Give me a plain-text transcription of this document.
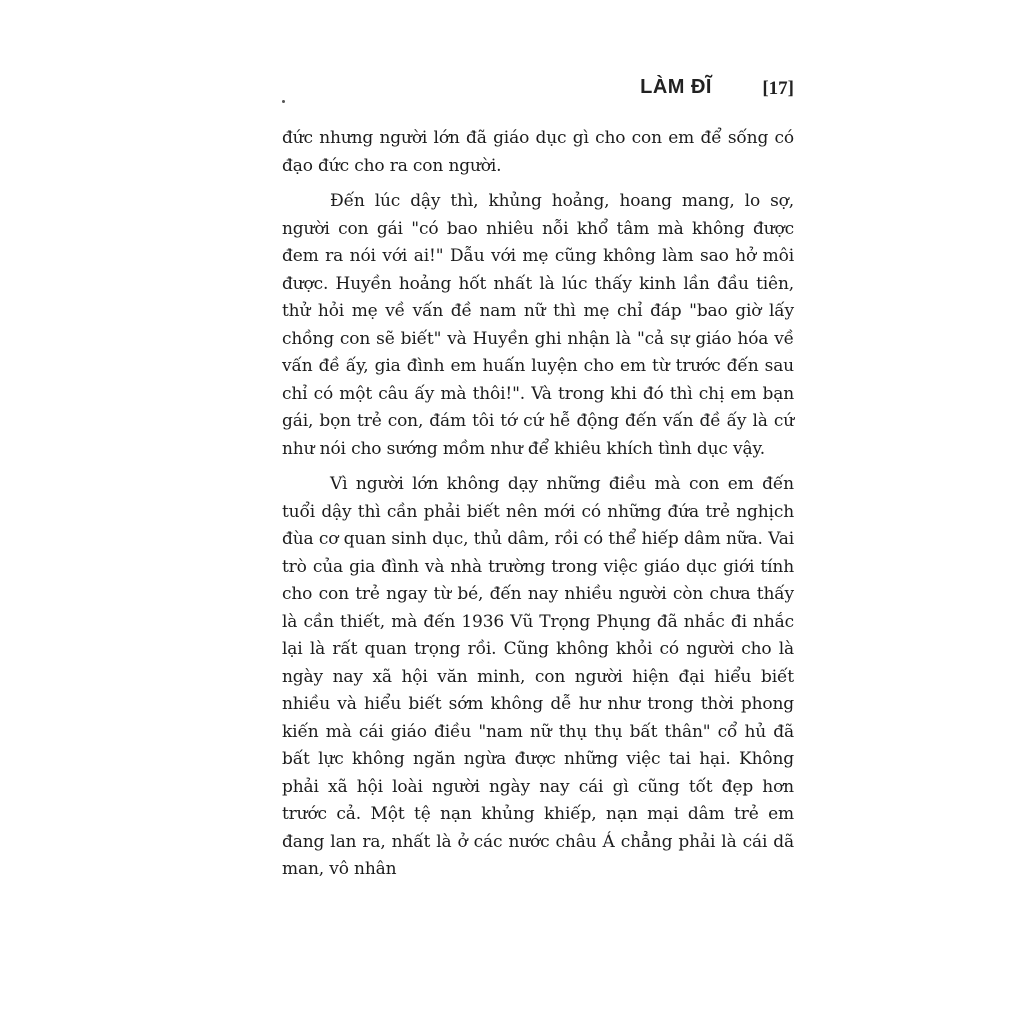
LÀM ĐĨ	[17]

đức nhưng người lớn đã giáo dục gì cho con em để sống có đạo đức cho ra con người.

Đến lúc dậy thì, khủng hoảng, hoang mang, lo sợ, người con gái "có bao nhiêu nỗi khổ tâm mà không được đem ra nói với ai!" Dẫu với mẹ cũng không làm sao hở môi được. Huyền hoảng hốt nhất là lúc thấy kinh lần đầu tiên, thử hỏi mẹ về vấn đề nam nữ thì mẹ chỉ đáp "bao giờ lấy chồng con sẽ biết" và Huyền ghi nhận là "cả sự giáo hóa về vấn đề ấy, gia đình em huấn luyện cho em từ trước đến sau chỉ có một câu ấy mà thôi!". Và trong khi đó thì chị em bạn gái, bọn trẻ con, đám tôi tớ cứ hễ động đến vấn đề ấy là cứ như nói cho sướng mồm như để khiêu khích tình dục vậy.

Vì người lớn không dạy những điều mà con em đến tuổi dậy thì cần phải biết nên mới có những đứa trẻ nghịch đùa cơ quan sinh dục, thủ dâm, rồi có thể hiếp dâm nữa. Vai trò của gia đình và nhà trường trong việc giáo dục giới tính cho con trẻ ngay từ bé, đến nay nhiều người còn chưa thấy là cần thiết, mà đến 1936 Vũ Trọng Phụng đã nhắc đi nhắc lại là rất quan trọng rồi. Cũng không khỏi có người cho là ngày nay xã hội văn minh, con người hiện đại hiểu biết nhiều và hiểu biết sớm không dễ hư như trong thời phong kiến mà cái giáo điều "nam nữ thụ thụ bất thân" cổ hủ đã bất lực không ngăn ngừa được những việc tai hại. Không phải xã hội loài người ngày nay cái gì cũng tốt đẹp hơn trước cả. Một tệ nạn khủng khiếp, nạn mại dâm trẻ em đang lan ra, nhất là ở các nước châu Á chẳng phải là cái dã man, vô nhân
